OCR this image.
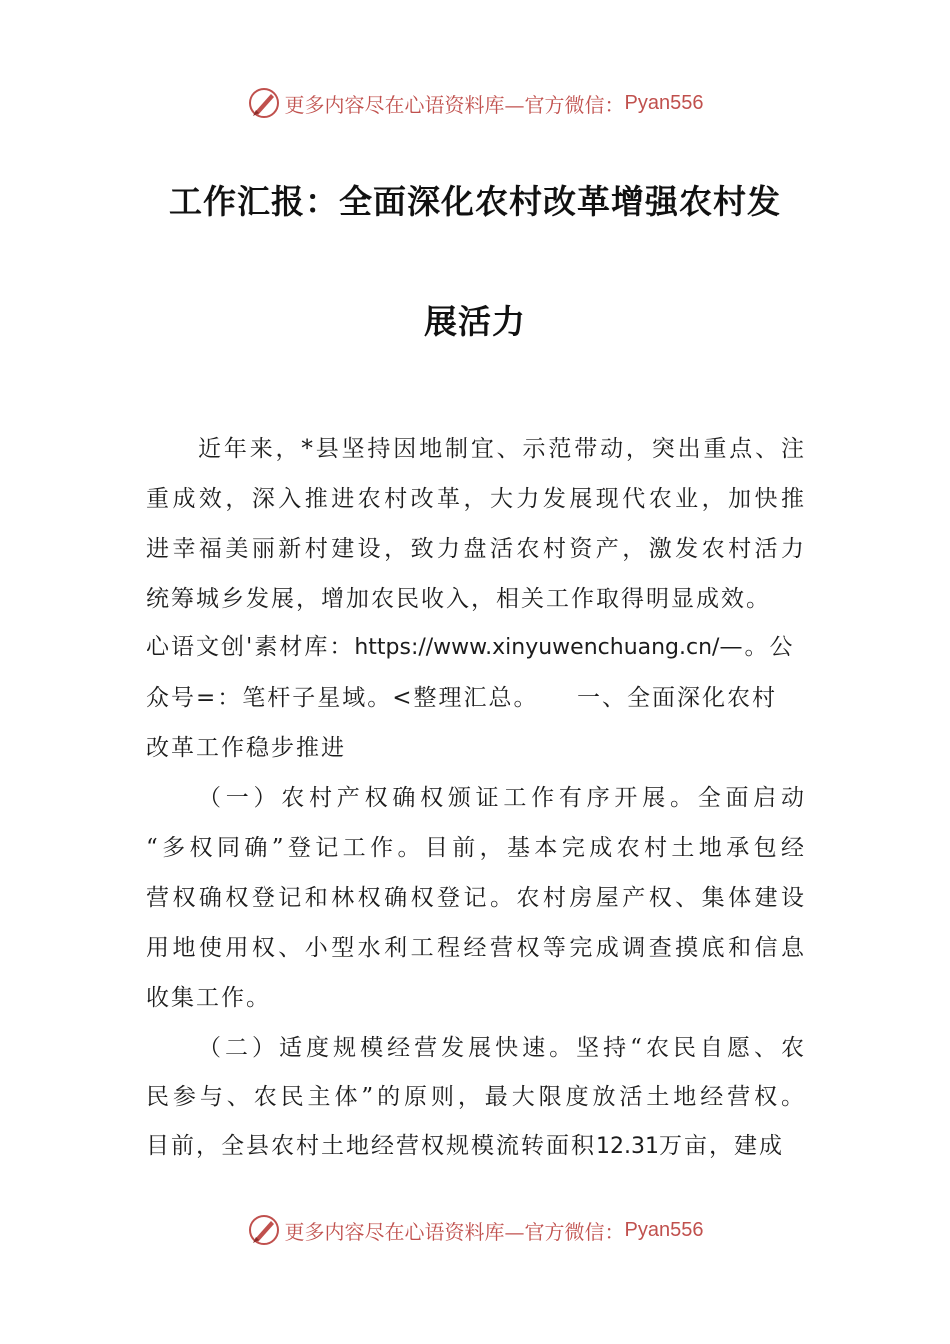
更多内容尽在心语资料库—官方微信： Pyan556
工作汇报：全面深化农村改革增强农村发
展活力
近年来，*县坚持因地制宜、示范带动，突出重点、注
重成效，深入推进农村改革，大力发展现代农业，加快推
进幸福美丽新村建设，致力盘活农村资产，激发农村活力
统筹城乡发展，增加农民收入，相关工作取得明显成效。
心语文创'素材库：https://www.xinyuwenchuang.cn/—。公
众号=：笔杆子星域。<整理汇总。　　一、全面深化农村
改革工作稳步推进
（一）农村产权确权颁证工作有序开展。全面启动
“多权同确”登记工作。目前，基本完成农村土地承包经
营权确权登记和林权确权登记。农村房屋产权、集体建设
用地使用权、小型水利工程经营权等完成调查摸底和信息
收集工作。
（二）适度规模经营发展快速。坚持“农民自愿、农
民参与、农民主体”的原则，最大限度放活土地经营权。
目前，全县农村土地经营权规模流转面积12.31万亩，建成
更多内容尽在心语资料库—官方微信： Pyan556
